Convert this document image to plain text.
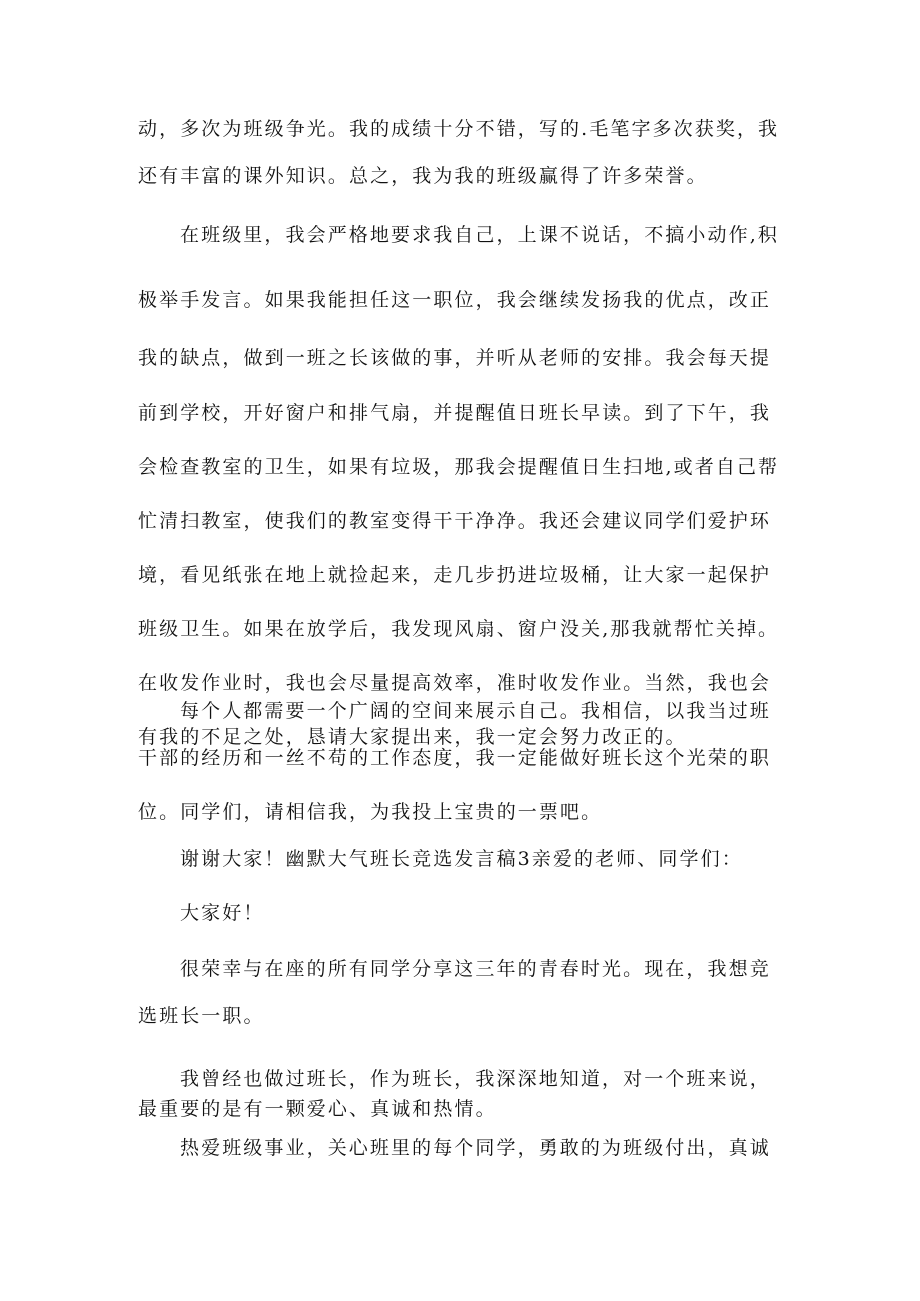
动，多次为班级争光。我的成绩十分不错，写的.毛笔字多次获奖，我
还有丰富的课外知识。总之，我为我的班级赢得了许多荣誉。

在班级里，我会严格地要求我自己，上课不说话，不搞小动作,积
极举手发言。如果我能担任这一职位，我会继续发扬我的优点，改正
我的缺点，做到一班之长该做的事，并听从老师的安排。我会每天提
前到学校，开好窗户和排气扇，并提醒值日班长早读。到了下午，我
会检查教室的卫生，如果有垃圾，那我会提醒值日生扫地,或者自己帮
忙清扫教室，使我们的教室变得干干净净。我还会建议同学们爱护环
境，看见纸张在地上就捡起来，走几步扔进垃圾桶，让大家一起保护
班级卫生。如果在放学后，我发现风扇、窗户没关,那我就帮忙关掉。
在收发作业时，我也会尽量提高效率，准时收发作业。当然，我也会
有我的不足之处，恳请大家提出来，我一定会努力改正的。

每个人都需要一个广阔的空间来展示自己。我相信，以我当过班
干部的经历和一丝不苟的工作态度，我一定能做好班长这个光荣的职
位。同学们，请相信我，为我投上宝贵的一票吧。

谢谢大家！幽默大气班长竞选发言稿3亲爱的老师、同学们：

大家好！

很荣幸与在座的所有同学分享这三年的青春时光。现在，我想竞
选班长一职。

我曾经也做过班长，作为班长，我深深地知道，对一个班来说，
最重要的是有一颗爱心、真诚和热情。

热爱班级事业，关心班里的每个同学，勇敢的为班级付出，真诚
